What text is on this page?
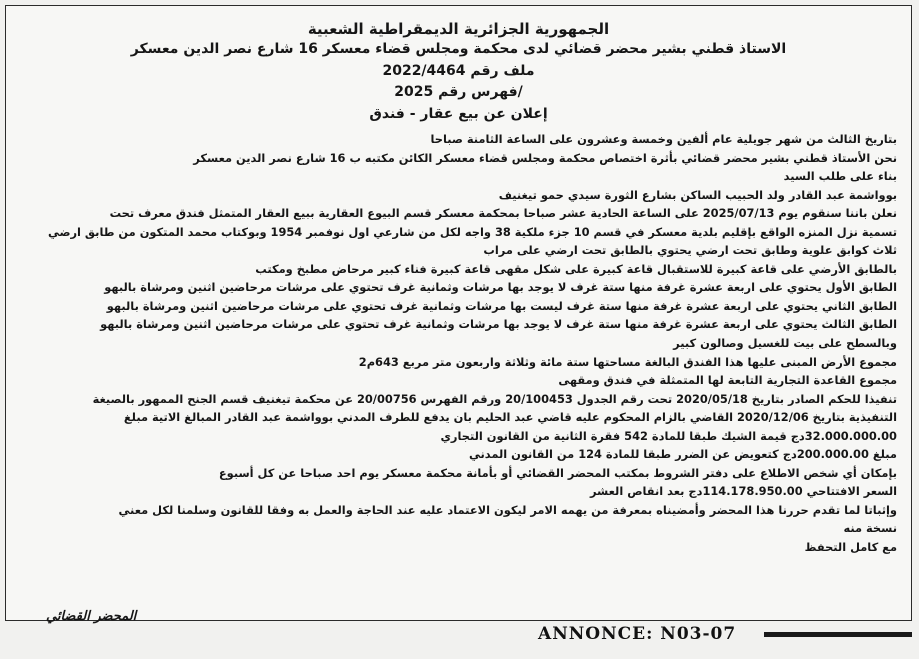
الجمهورية الجزائرية الديمقراطية الشعبية
الاستاذ قطني بشير محضر قضائي لدى محكمة ومجلس قضاء معسكر 16 شارع نصر الدين معسكر
ملف رقم 2022/4464
فهرس رقم 2025/
إعلان عن بيع عقار - فندق
بتاريخ الثالث من شهر جويلية عام ألفين وخمسة وعشرون على الساعة الثامنة صباحا
نحن الأستاذ قطني بشير محضر قضائي بأثرة اختصاص محكمة ومجلس قضاء معسكر الكائن مكتبه ب 16 شارع نصر الدين معسكر
بناء على طلب السيد
بوواشمة عبد القادر ولد الحبيب الساكن بشارع الثورة سيدي حمو تيغنيف
نعلن باننا سنقوم يوم 2025/07/13 على الساعة الحادية عشر صباحا بمحكمة معسكر قسم البيوع العقارية ببيع العقار المتمثل فندق معرف تحت
تسمية نزل المنزه الواقع بإقليم بلدية معسكر في قسم 10 جزء ملكية 38 واجه لكل من شارعي اول نوفمبر 1954 وبوكتاب محمد المتكون من طابق ارضي
ثلاث كوابق علوية وطابق تحت ارضي يحتوي بالطابق تحت ارضي على مراب
بالطابق الأرضي على قاعة كبيرة للاستقبال قاعة كبيرة على شكل مقهى قاعة كبيرة فناء كبير مرحاض مطبخ ومكتب
الطابق الأول يحتوي على اربعة عشرة غرفة منها ستة غرف لا يوجد بها مرشات وثمانية غرف تحتوي على مرشات مرحاضين اثنين ومرشاة بالبهو
الطابق الثاني يحتوي على اربعة عشرة غرفة منها ستة غرف ليست بها مرشات وثمانية غرف تحتوي على مرشات مرحاضين اثنين ومرشاة بالبهو
الطابق الثالث يحتوي على اربعة عشرة غرفة منها ستة غرف لا يوجد بها مرشات وثمانية غرف تحتوي على مرشات مرحاضين اثنين ومرشاة بالبهو
وبالسطح على بيت للغسيل وصالون كبير
مجموع الأرض المبنى عليها هذا الفندق البالغة مساحتها ستة مائة وثلاثة واربعون متر مربع 643م2
مجموع القاعدة التجارية التابعة لها المتمثلة في فندق ومقهى
تنفيذا للحكم الصادر بتاريخ 2020/05/18 تحت رقم الجدول 20/100453 ورقم الفهرس 20/00756 عن محكمة تيغنيف قسم الجنح الممهور بالصيغة
التنفيذية بتاريخ 2020/12/06 القاضي بالزام المحكوم عليه قاضي عبد الحليم بان يدفع للطرف المدني بوواشمة عبد القادر المبالغ الاتية مبلغ
32.000.000.00دج قيمة الشيك طبقا للمادة 542 فقرة الثانية من القانون التجاري
مبلغ 200.000.00دج كتعويض عن الضرر طبقا للمادة 124 من القانون المدني
بإمكان أي شخص الاطلاع على دفتر الشروط بمكتب المحضر القضائي أو بأمانة محكمة معسكر يوم احد صباحا عن كل أسبوع
السعر الافتتاحي 114.178.950.00دج بعد انقاص العشر
وإثباتا لما تقدم حررنا هذا المحضر وأمضيناه بمعرفة من يهمه الامر ليكون الاعتماد عليه عند الحاجة والعمل به وفقا للقانون وسلمنا لكل معني
نسخة منه
مع كامل التحفظ
المحضر القضائي
ANNONCE: N03-07
